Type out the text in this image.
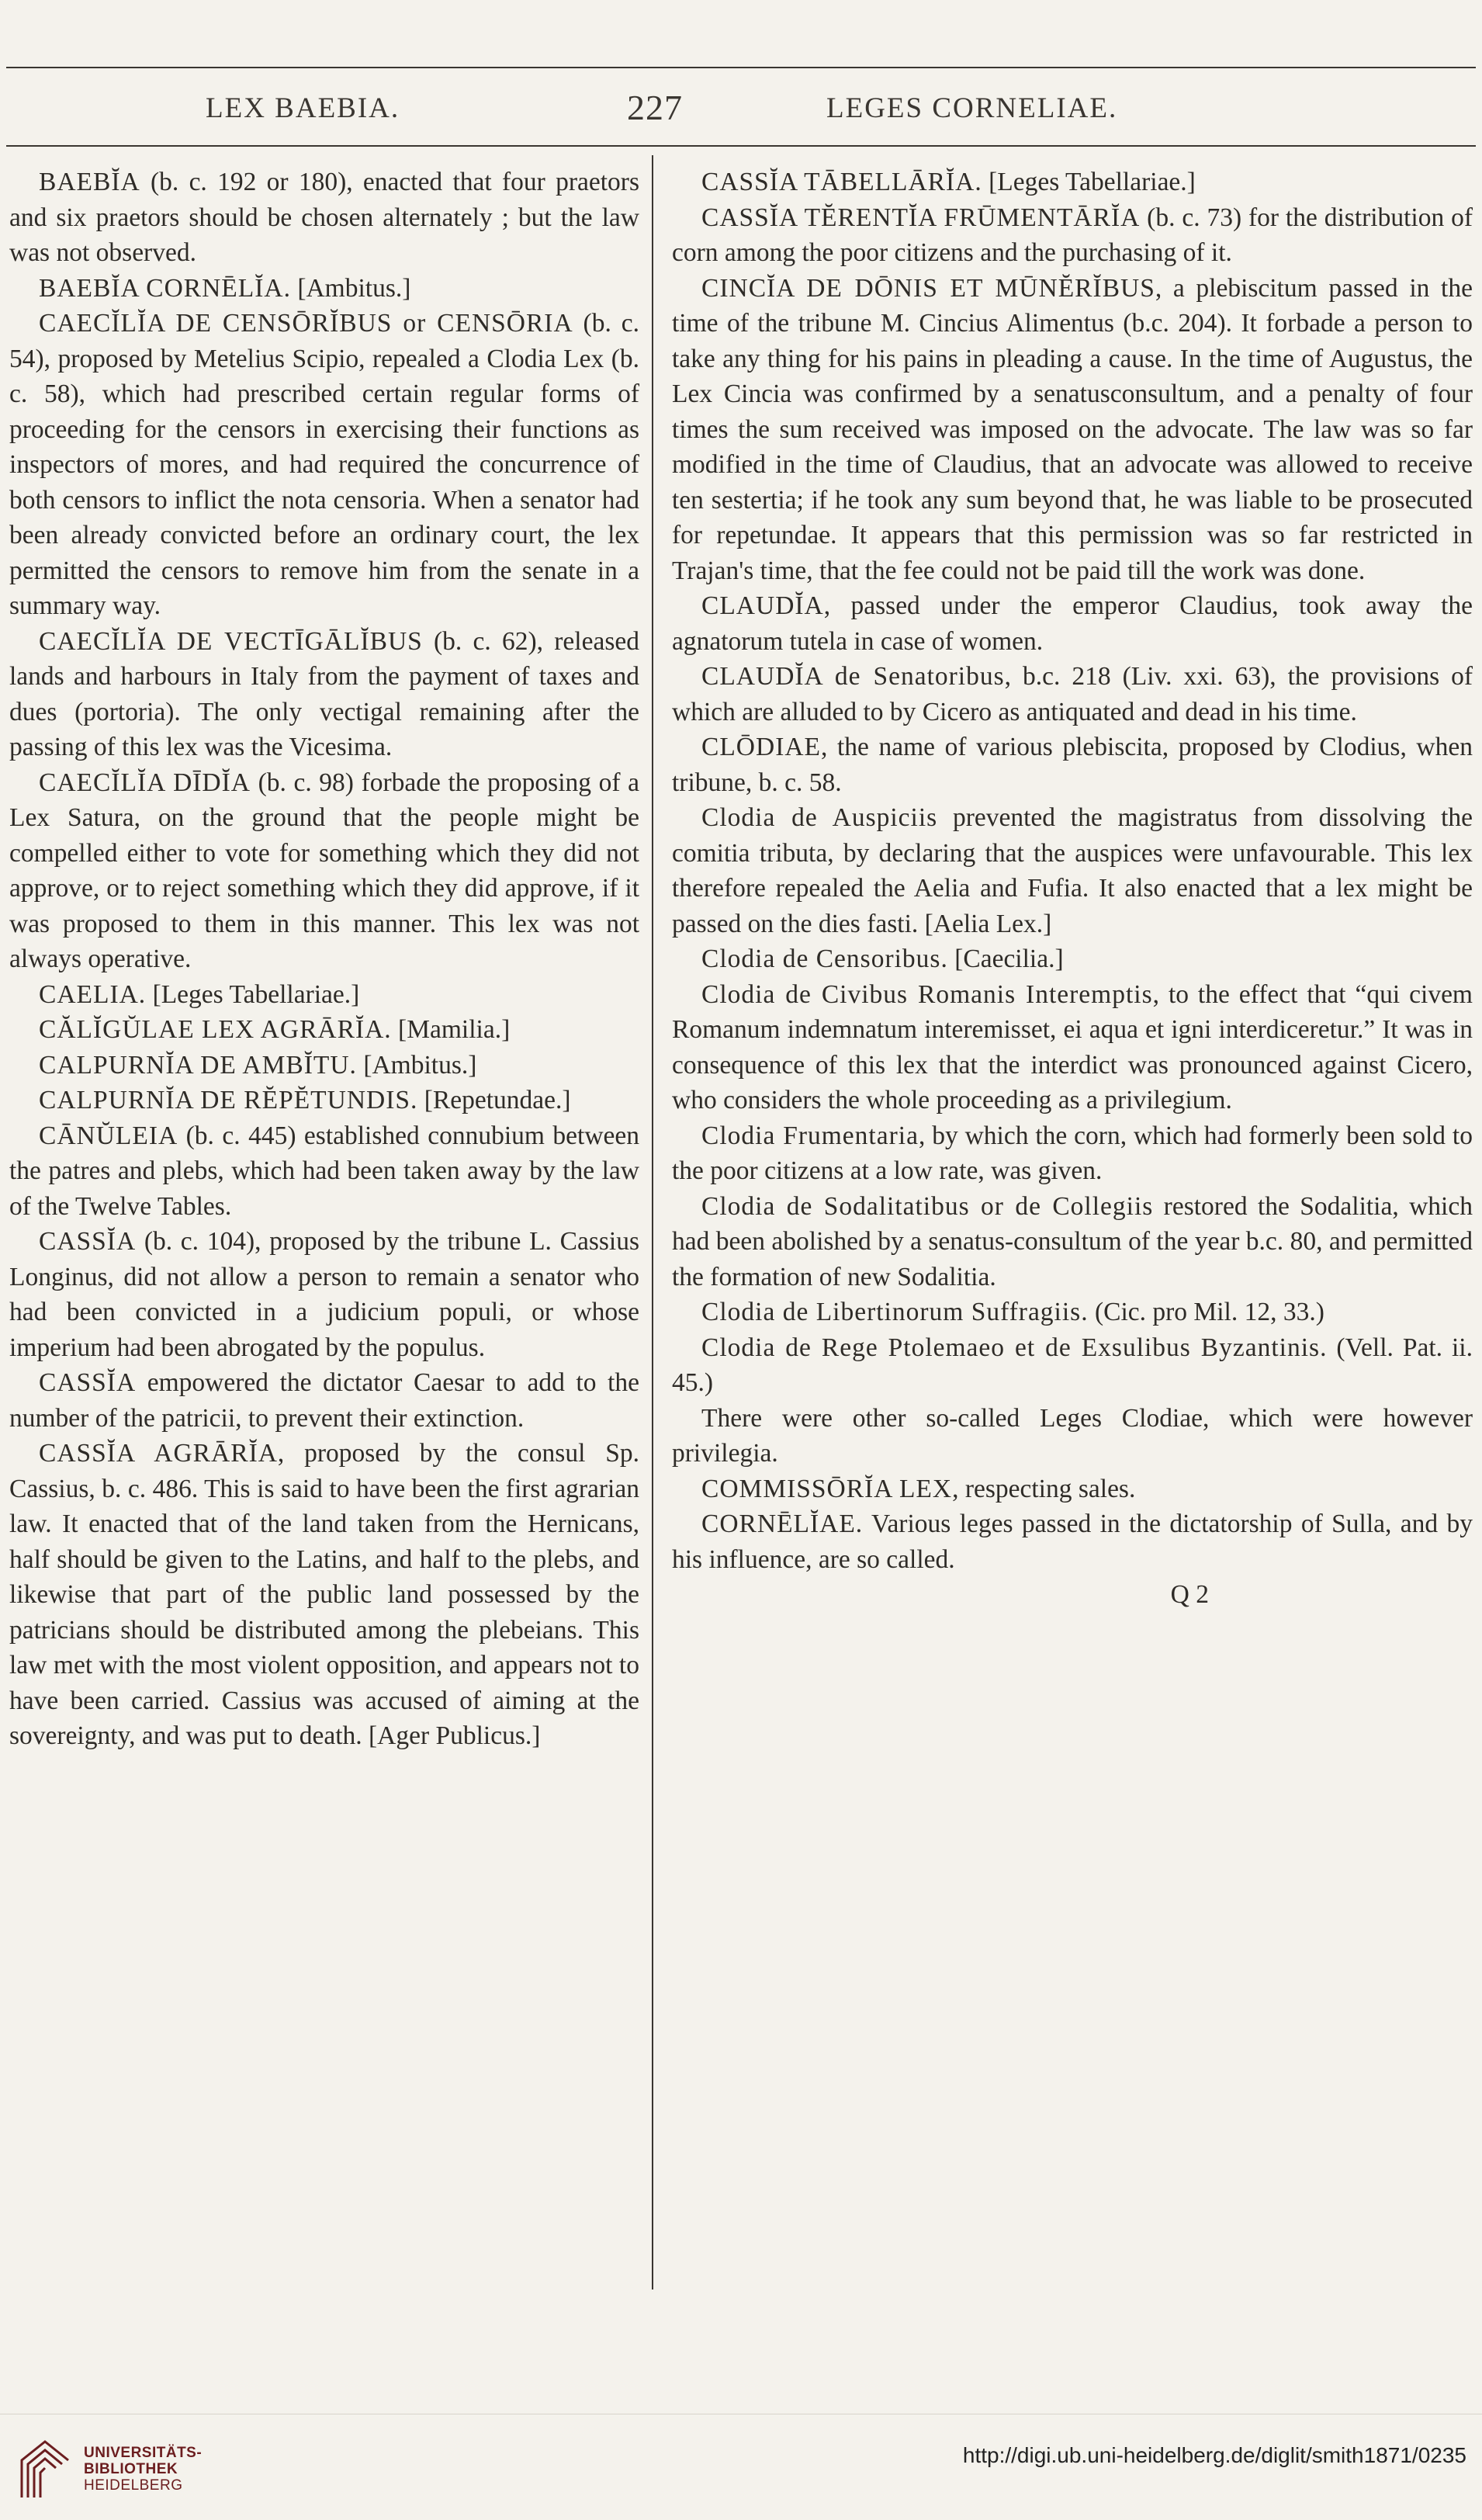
LEX BAEBIA.	227	LEGES CORNELIAE.

BAEBĬA (b. c. 192 or 180), enacted that four praetors and six praetors should be chosen alternately ; but the law was not observed.

BAEBĬA CORNĒLĬA. [Ambitus.]

CAECĬLĬA DE CENSŌRĬBUS or CENSŌRIA (b. c. 54), proposed by Metelius Scipio, repealed a Clodia Lex (b. c. 58), which had prescribed certain regular forms of proceeding for the censors in exercising their functions as inspectors of mores, and had required the concurrence of both censors to inflict the nota censoria. When a senator had been already convicted before an ordinary court, the lex permitted the censors to remove him from the senate in a summary way.

CAECĬLĬA DE VECTĪGĀLĬBUS (b. c. 62), released lands and harbours in Italy from the payment of taxes and dues (portoria). The only vectigal remaining after the passing of this lex was the Vicesima.

CAECĬLĬA DĪDĬA (b. c. 98) forbade the proposing of a Lex Satura, on the ground that the people might be compelled either to vote for something which they did not approve, or to reject something which they did approve, if it was proposed to them in this manner. This lex was not always operative.

CAELIA. [Leges Tabellariae.]

CĂLĬGŬLAE LEX AGRĀRĬA. [Mamilia.]

CALPURNĬA DE AMBĬTU. [Ambitus.]

CALPURNĬA DE RĔPĔTUNDIS. [Repetundae.]

CĀNŬLEIA (b. c. 445) established connubium between the patres and plebs, which had been taken away by the law of the Twelve Tables.

CASSĬA (b. c. 104), proposed by the tribune L. Cassius Longinus, did not allow a person to remain a senator who had been convicted in a judicium populi, or whose imperium had been abrogated by the populus.

CASSĬA empowered the dictator Caesar to add to the number of the patricii, to prevent their extinction.

CASSĬA AGRĀRĬA, proposed by the consul Sp. Cassius, b. c. 486. This is said to have been the first agrarian law. It enacted that of the land taken from the Hernicans, half should be given to the Latins, and half to the plebs, and likewise that part of the public land possessed by the patricians should be distributed among the plebeians. This law met with the most violent opposition, and appears not to have been carried. Cassius was accused of aiming at the sovereignty, and was put to death. [Ager Publicus.]

CASSĬA TĀBELLĀRĬA. [Leges Tabellariae.]

CASSĬA TĔRENTĬA FRŪMENTĀRĬA (b. c. 73) for the distribution of corn among the poor citizens and the purchasing of it.

CINCĬA DE DŌNIS ET MŪNĔRĬBUS, a plebiscitum passed in the time of the tribune M. Cincius Alimentus (b.c. 204). It forbade a person to take any thing for his pains in pleading a cause. In the time of Augustus, the Lex Cincia was confirmed by a senatusconsultum, and a penalty of four times the sum received was imposed on the advocate. The law was so far modified in the time of Claudius, that an advocate was allowed to receive ten sestertia; if he took any sum beyond that, he was liable to be prosecuted for repetundae. It appears that this permission was so far restricted in Trajan's time, that the fee could not be paid till the work was done.

CLAUDĬA, passed under the emperor Claudius, took away the agnatorum tutela in case of women.

CLAUDĬA de Senatoribus, b.c. 218 (Liv. xxi. 63), the provisions of which are alluded to by Cicero as antiquated and dead in his time.

CLŌDIAE, the name of various plebiscita, proposed by Clodius, when tribune, b. c. 58.

Clodia de Auspiciis prevented the magistratus from dissolving the comitia tributa, by declaring that the auspices were unfavourable. This lex therefore repealed the Aelia and Fufia. It also enacted that a lex might be passed on the dies fasti. [Aelia Lex.]

Clodia de Censoribus. [Caecilia.]

Clodia de Civibus Romanis Interemptis, to the effect that “qui civem Romanum indemnatum interemisset, ei aqua et igni interdiceretur.” It was in consequence of this lex that the interdict was pronounced against Cicero, who considers the whole proceeding as a privilegium.

Clodia Frumentaria, by which the corn, which had formerly been sold to the poor citizens at a low rate, was given.

Clodia de Sodalitatibus or de Collegiis restored the Sodalitia, which had been abolished by a senatus-consultum of the year b.c. 80, and permitted the formation of new Sodalitia.

Clodia de Libertinorum Suffragiis. (Cic. pro Mil. 12, 33.)

Clodia de Rege Ptolemaeo et de Exsulibus Byzantinis. (Vell. Pat. ii. 45.)

There were other so-called Leges Clodiae, which were however privilegia.

COMMISSŌRĬA LEX, respecting sales.

CORNĒLĬAE. Various leges passed in the dictatorship of Sulla, and by his influence, are so called.

Q 2

UNIVERSITÄTS-
BIBLIOTHEK
HEIDELBERG
http://digi.ub.uni-heidelberg.de/diglit/smith1871/0235
